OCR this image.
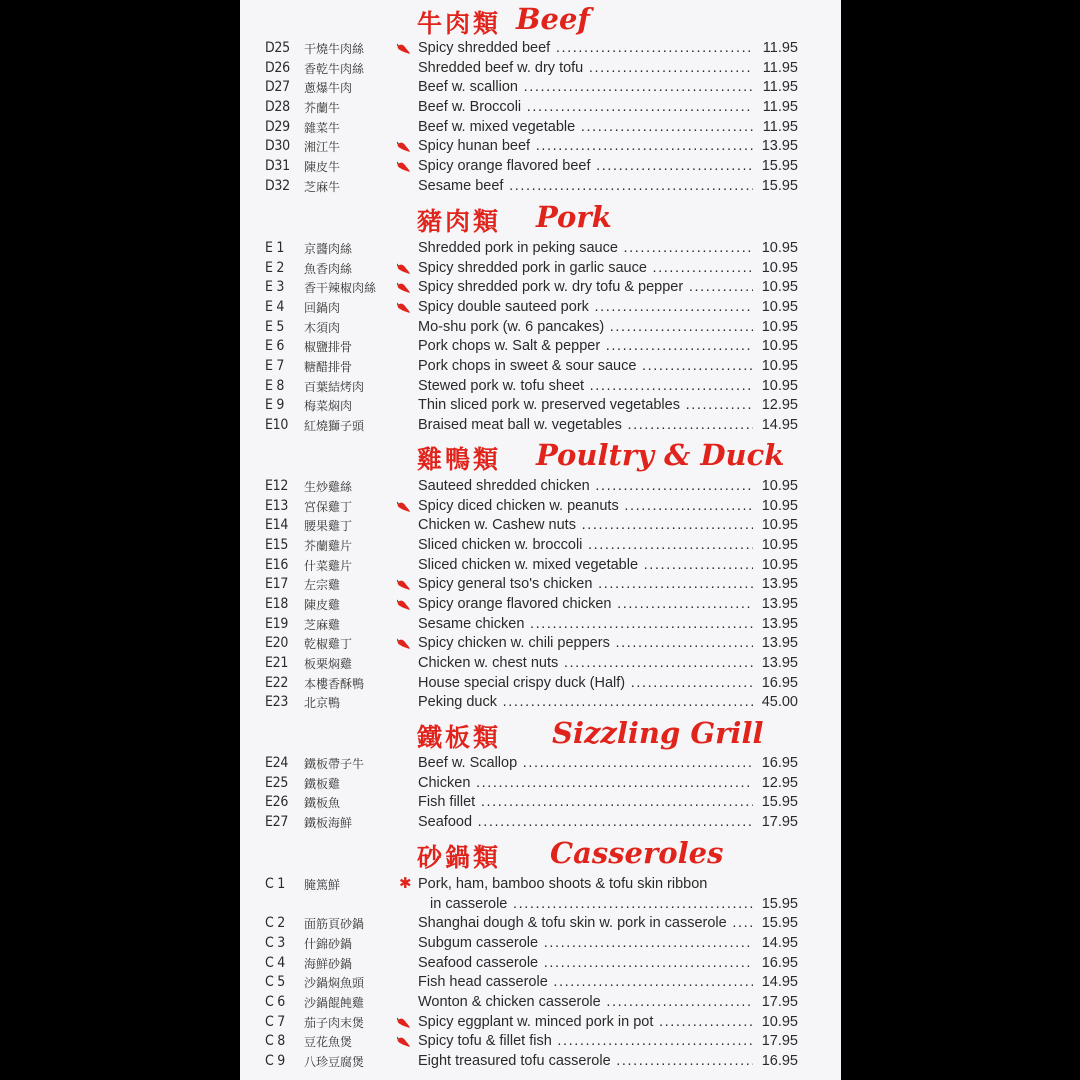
牛肉類 Beef
D25	干燒牛肉絲	Spicy shredded beef .....	11.95
D26	香乾牛肉絲	Shredded beef w. dry tofu .....	11.95
D27	蔥爆牛肉	Beef w. scallion .....	11.95
D28	芥蘭牛	Beef w. Broccoli .....	11.95
D29	雜菜牛	Beef w. mixed vegetable .....	11.95
D30	湘江牛	Spicy hunan beef .....	13.95
D31	陳皮牛	Spicy orange flavored beef .....	15.95
D32	芝麻牛	Sesame beef .....	15.95
豬肉類 Pork
E 1	京醬肉絲	Shredded pork in peking sauce .....	10.95
E 2	魚香肉絲	Spicy shredded pork in garlic sauce .....	10.95
E 3	香干辣椒肉絲	Spicy shredded pork w. dry tofu & pepper .....	10.95
E 4	回鍋肉	Spicy double sauteed pork .....	10.95
E 5	木須肉	Mo-shu pork (w. 6 pancakes) .....	10.95
E 6	椒鹽排骨	Pork chops w. Salt & pepper .....	10.95
E 7	糖醋排骨	Pork chops in sweet & sour sauce .....	10.95
E 8	百葉結烤肉	Stewed pork w. tofu sheet .....	10.95
E 9	梅菜焖肉	Thin sliced pork w. preserved vegetables .....	12.95
E10	紅燒獅子頭	Braised meat ball w. vegetables .....	14.95
雞鴨類 Poultry & Duck
E12	生炒雞絲	Sauteed shredded chicken .....	10.95
E13	宮保雞丁	Spicy diced chicken w. peanuts .....	10.95
E14	腰果雞丁	Chicken w. Cashew nuts .....	10.95
E15	芥蘭雞片	Sliced chicken w. broccoli .....	10.95
E16	什菜雞片	Sliced chicken w. mixed vegetable .....	10.95
E17	左宗雞	Spicy general tso's chicken .....	13.95
E18	陳皮雞	Spicy orange flavored chicken .....	13.95
E19	芝麻雞	Sesame chicken .....	13.95
E20	乾椒雞丁	Spicy chicken w. chili peppers .....	13.95
E21	板栗焖雞	Chicken w. chest nuts .....	13.95
E22	本樓香酥鴨	House special crispy duck (Half) .....	16.95
E23	北京鴨	Peking duck .....	45.00
鐵板類 Sizzling Grill
E24	鐵板帶子牛	Beef w. Scallop .....	16.95
E25	鐵板雞	Chicken .....	12.95
E26	鐵板魚	Fish fillet .....	15.95
E27	鐵板海鮮	Seafood .....	17.95
砂鍋類 Casseroles
C 1	腌篤鮮	✱ Pork, ham, bamboo shoots & tofu skin ribbon
in casserole .....	15.95
C 2	面筋頁砂鍋	Shanghai dough & tofu skin w. pork in casserole .....	15.95
C 3	什錦砂鍋	Subgum casserole .....	14.95
C 4	海鮮砂鍋	Seafood casserole .....	16.95
C 5	沙鍋焖魚頭	Fish head casserole .....	14.95
C 6	沙鍋餛飩雞	Wonton & chicken casserole .....	17.95
C 7	茄子肉末煲	Spicy eggplant w. minced pork in pot .....	10.95
C 8	豆花魚煲	Spicy tofu & fillet fish .....	17.95
C 9	八珍豆腐煲	Eight treasured tofu casserole .....	16.95
